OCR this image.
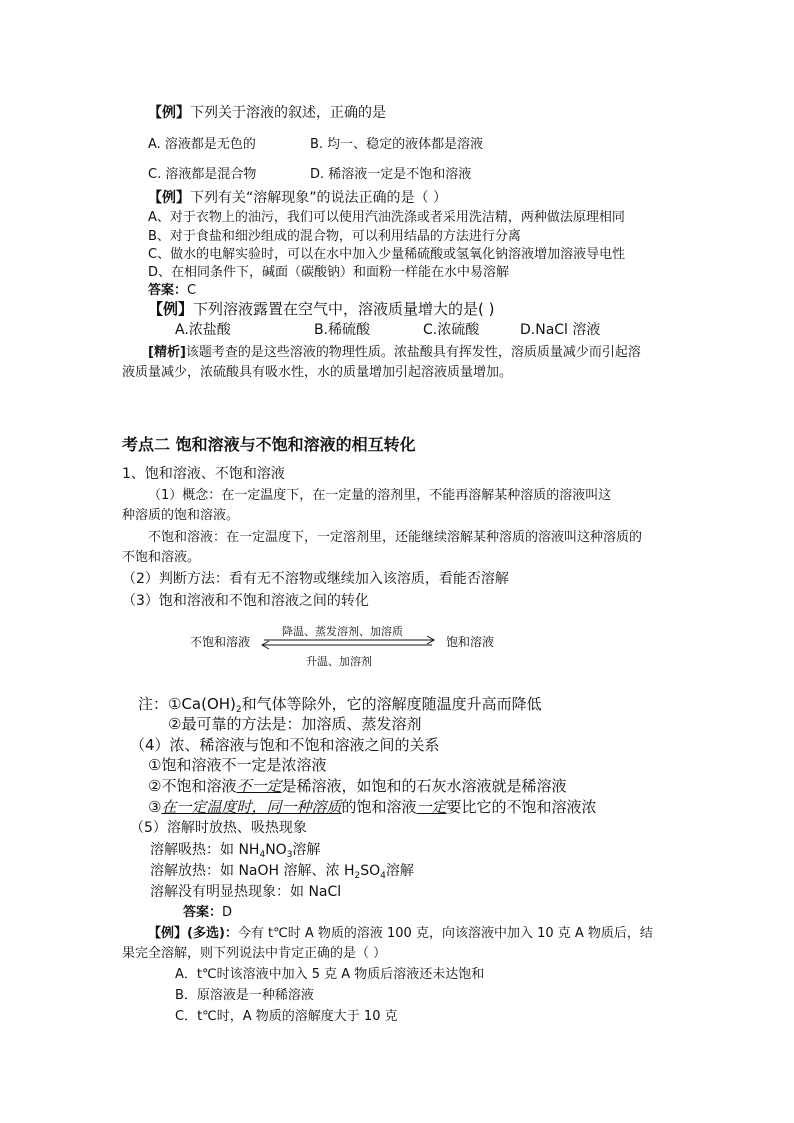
【例】下列关于溶液的叙述，正确的是
A. 溶液都是无色的	B. 均一、稳定的液体都是溶液
C. 溶液都是混合物	D. 稀溶液一定是不饱和溶液
【例】下列有关“溶解现象”的说法正确的是（ ）
A、对于衣物上的油污，我们可以使用汽油洗涤或者采用洗洁精，两种做法原理相同
B、对于食盐和细沙组成的混合物，可以利用结晶的方法进行分离
C、做水的电解实验时，可以在水中加入少量稀硫酸或氢氧化钠溶液增加溶液导电性
D、在相同条件下，碱面（碳酸钠）和面粉一样能在水中易溶解
答案：C
【例】下列溶液露置在空气中，溶液质量增大的是( )
A.浓盐酸	B.稀硫酸	C.浓硫酸	D.NaCl 溶液
[精析]该题考查的是这些溶液的物理性质。浓盐酸具有挥发性，溶质质量减少而引起溶
液质量减少，浓硫酸具有吸水性，水的质量增加引起溶液质量增加。
考点二 饱和溶液与不饱和溶液的相互转化
1、饱和溶液、不饱和溶液
（1）概念：在一定温度下，在一定量的溶剂里，不能再溶解某种溶质的溶液叫这
种溶质的饱和溶液。
不饱和溶液：在一定温度下，一定溶剂里，还能继续溶解某种溶质的溶液叫这种溶质的
不饱和溶液。
（2）判断方法：看有无不溶物或继续加入该溶质，看能否溶解
（3）饱和溶液和不饱和溶液之间的转化
不饱和溶液	饱和溶液
降温、蒸发溶剂、加溶质
升温、加溶剂
注：$①Ca(OH)_2$和气体等除外，它的溶解度随温度升高而降低
②最可靠的方法是：加溶质、蒸发溶剂
（4）浓、稀溶液与饱和不饱和溶液之间的关系
①饱和溶液不一定是浓溶液
②不饱和溶液不一定是稀溶液，如饱和的石灰水溶液就是稀溶液
③在一定温度时，同一种溶质的饱和溶液一定要比它的不饱和溶液浓
（5）溶解时放热、吸热现象
溶解吸热：如 $NH_4NO_3$溶解
溶解放热：如 NaOH 溶解、浓 $H_2SO_4$溶解
溶解没有明显热现象：如 NaCl
答案：D
【例】(多选)：今有 t℃时 A 物质的溶液 100 克，向该溶液中加入 10 克 A 物质后，结
果完全溶解，则下列说法中肯定正确的是（ ）
A．t℃时该溶液中加入 5 克 A 物质后溶液还未达饱和
B．原溶液是一种稀溶液
C．t℃时，A 物质的溶解度大于 10 克
